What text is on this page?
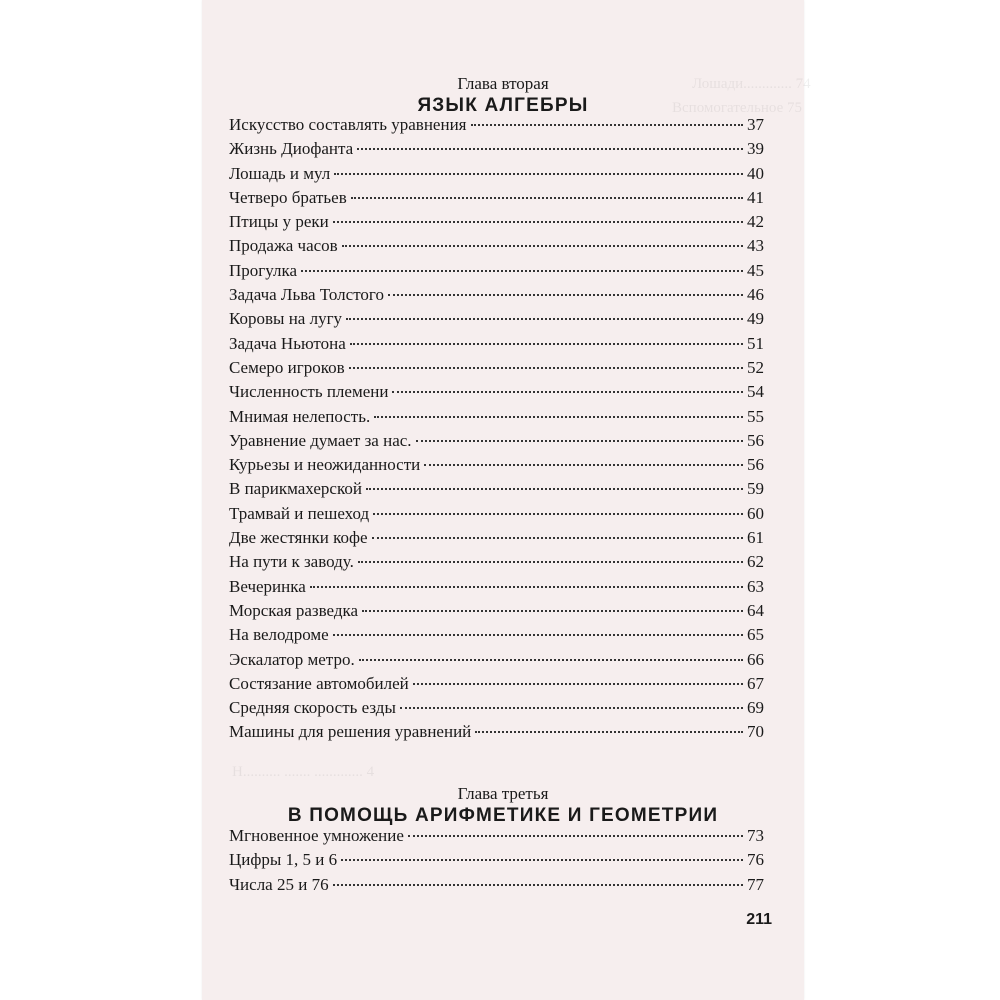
Лошади............. 74
Вспомогательное 75
Н.......... ....... ............. 4
Глава вторая
ЯЗЫК АЛГЕБРЫ
Искусство составлять уравнения	37
Жизнь Диофанта	39
Лошадь и мул	40
Четверо братьев	41
Птицы у реки	42
Продажа часов	43
Прогулка	45
Задача Льва Толстого	46
Коровы на лугу	49
Задача Ньютона	51
Семеро игроков	52
Численность племени	54
Мнимая нелепость.	55
Уравнение думает за нас.	56
Курьезы и неожиданности	56
В парикмахерской	59
Трамвай и пешеход	60
Две жестянки кофе	61
На пути к заводу.	62
Вечеринка	63
Морская разведка	64
На велодроме	65
Эскалатор метро.	66
Состязание автомобилей	67
Средняя скорость езды	69
Машины для решения уравнений	70
Глава третья
В ПОМОЩЬ АРИФМЕТИКЕ И ГЕОМЕТРИИ
Мгновенное умножение	73
Цифры 1, 5 и 6	76
Числа 25 и 76	77
211
